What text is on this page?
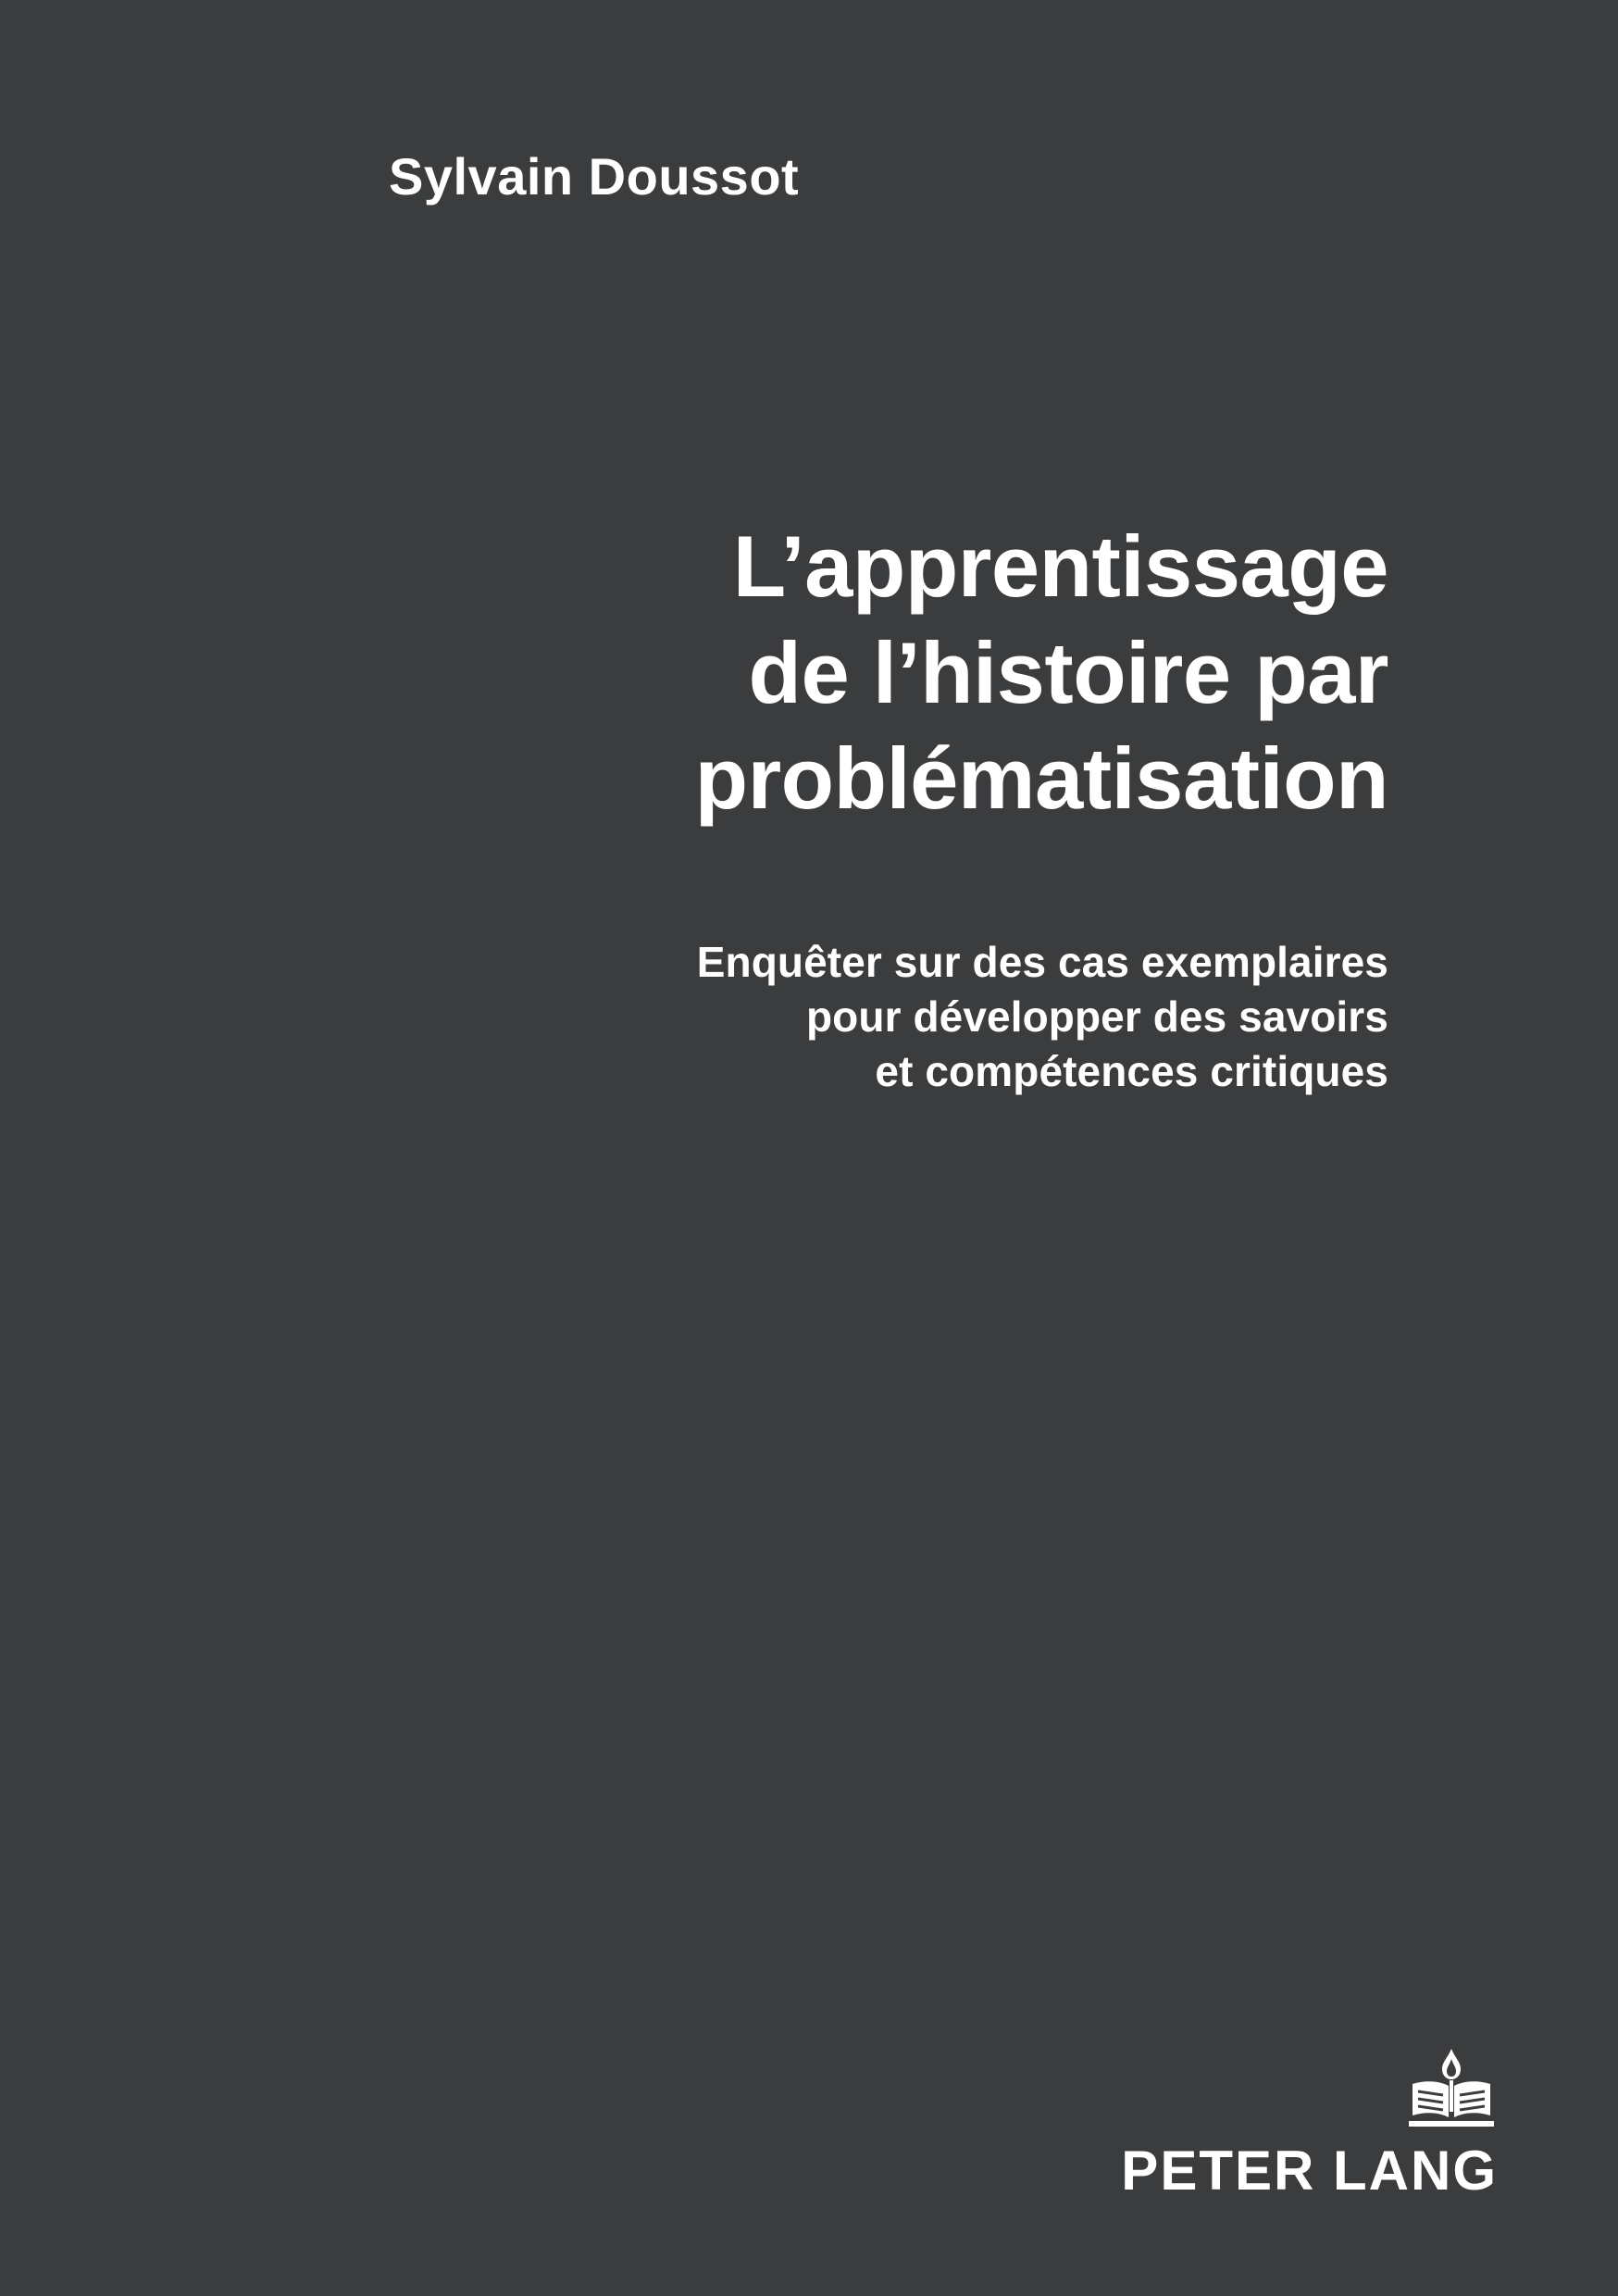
Sylvain Doussot
L’apprentissage
de l’histoire par
problématisation
Enquêter sur des cas exemplaires
pour développer des savoirs
et compétences critiques
PETER LANG
